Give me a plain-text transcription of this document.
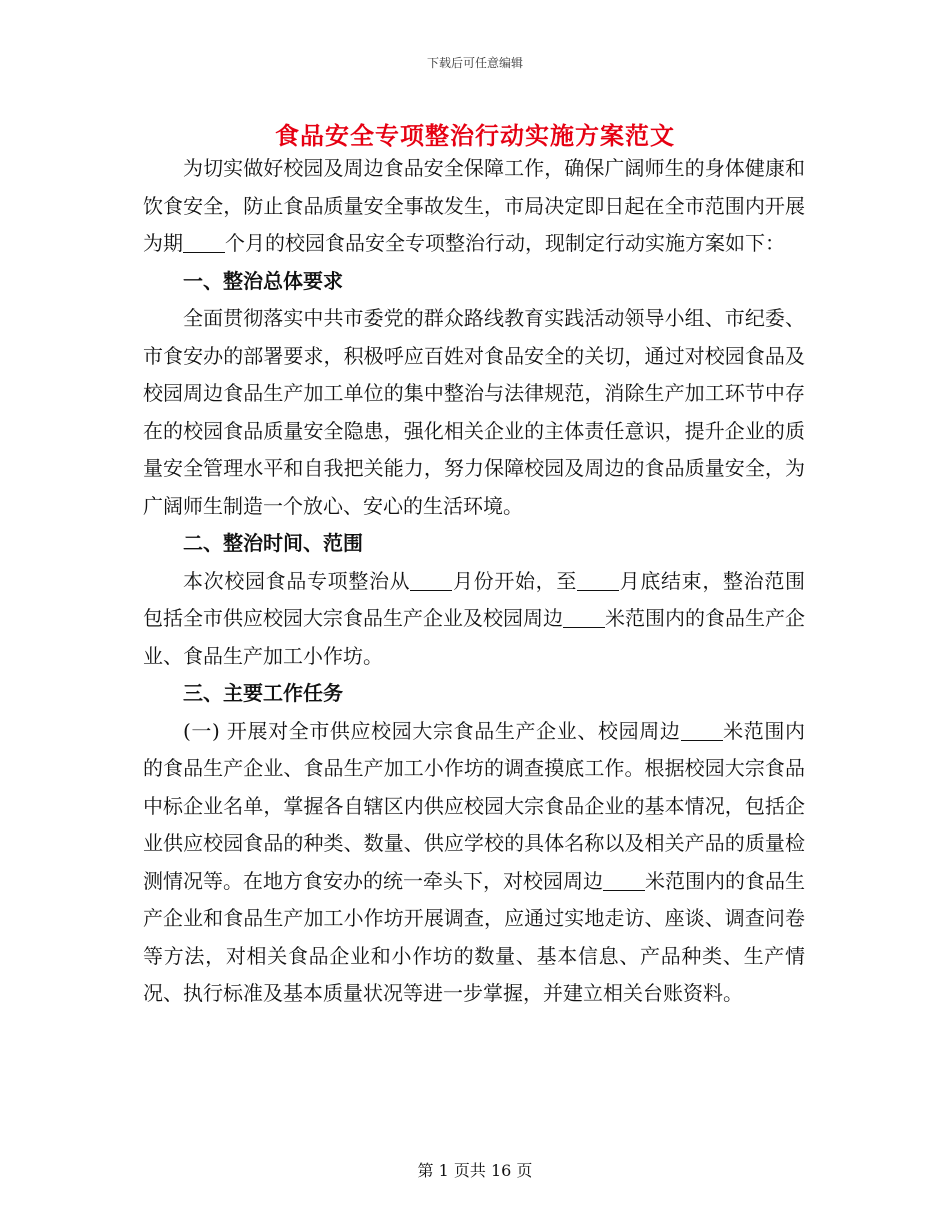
下载后可任意编辑
食品安全专项整治行动实施方案范文

为切实做好校园及周边食品安全保障工作，确保广阔师生的身体健康和饮食安全，防止食品质量安全事故发生，市局决定即日起在全市范围内开展为期 个月的校园食品安全专项整治行动，现制定行动实施方案如下：

一、整治总体要求

全面贯彻落实中共市委党的群众路线教育实践活动领导小组、市纪委、市食安办的部署要求，积极呼应百姓对食品安全的关切，通过对校园食品及校园周边食品生产加工单位的集中整治与法律规范，消除生产加工环节中存在的校园食品质量安全隐患，强化相关企业的主体责任意识，提升企业的质量安全管理水平和自我把关能力，努力保障校园及周边的食品质量安全，为广阔师生制造一个放心、安心的生活环境。

二、整治时间、范围

本次校园食品专项整治从 月份开始，至 月底结束，整治范围包括全市供应校园大宗食品生产企业及校园周边 米范围内的食品生产企业、食品生产加工小作坊。

三、主要工作任务

(一) 开展对全市供应校园大宗食品生产企业、校园周边 米范围内的食品生产企业、食品生产加工小作坊的调查摸底工作。根据校园大宗食品中标企业名单，掌握各自辖区内供应校园大宗食品企业的基本情况，包括企业供应校园食品的种类、数量、供应学校的具体名称以及相关产品的质量检测情况等。在地方食安办的统一牵头下，对校园周边 米范围内的食品生产企业和食品生产加工小作坊开展调查，应通过实地走访、座谈、调查问卷等方法，对相关食品企业和小作坊的数量、基本信息、产品种类、生产情况、执行标准及基本质量状况等进一步掌握，并建立相关台账资料。

第 1 页共 16 页
